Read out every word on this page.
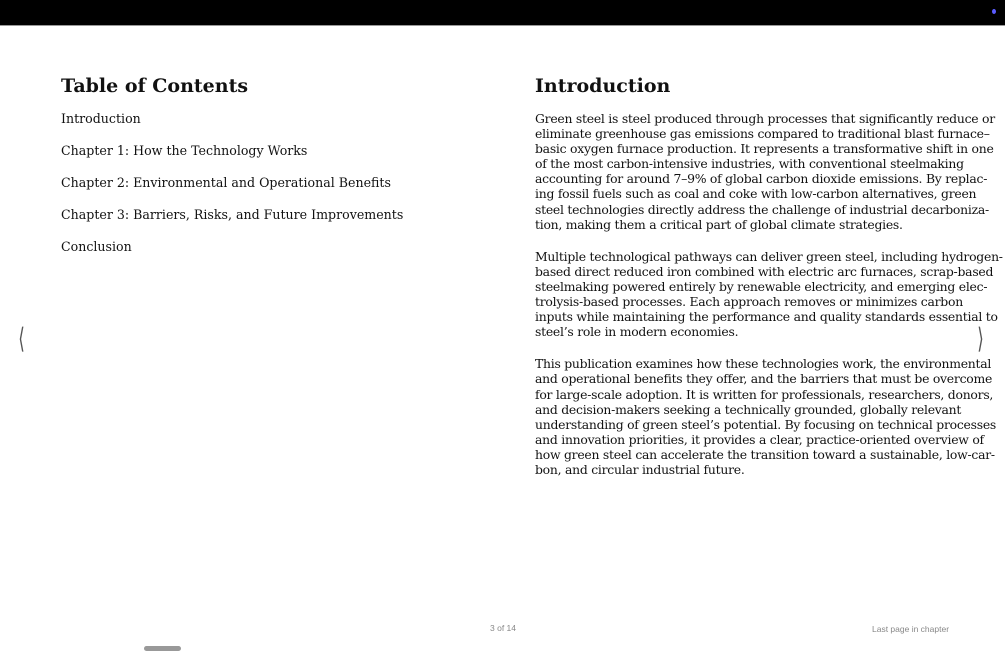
Table of Contents
Introduction
Chapter 1: How the Technology Works
Chapter 2: Environmental and Operational Benefits
Chapter 3: Barriers, Risks, and Future Improvements
Conclusion
Introduction
Green steel is steel produced through processes that significantly reduce or
eliminate greenhouse gas emissions compared to traditional blast furnace–
basic oxygen furnace production. It represents a transformative shift in one
of the most carbon-intensive industries, with conventional steelmaking
accounting for around 7–9% of global carbon dioxide emissions. By replac-
ing fossil fuels such as coal and coke with low-carbon alternatives, green
steel technologies directly address the challenge of industrial decarboniza-
tion, making them a critical part of global climate strategies.
Multiple technological pathways can deliver green steel, including hydrogen-
based direct reduced iron combined with electric arc furnaces, scrap-based
steelmaking powered entirely by renewable electricity, and emerging elec-
trolysis-based processes. Each approach removes or minimizes carbon
inputs while maintaining the performance and quality standards essential to
steel’s role in modern economies.
This publication examines how these technologies work, the environmental
and operational benefits they offer, and the barriers that must be overcome
for large-scale adoption. It is written for professionals, researchers, donors,
and decision-makers seeking a technically grounded, globally relevant
understanding of green steel’s potential. By focusing on technical processes
and innovation priorities, it provides a clear, practice-oriented overview of
how green steel can accelerate the transition toward a sustainable, low-car-
bon, and circular industrial future.
⟨	⟩
3 of 14	Last page in chapter
